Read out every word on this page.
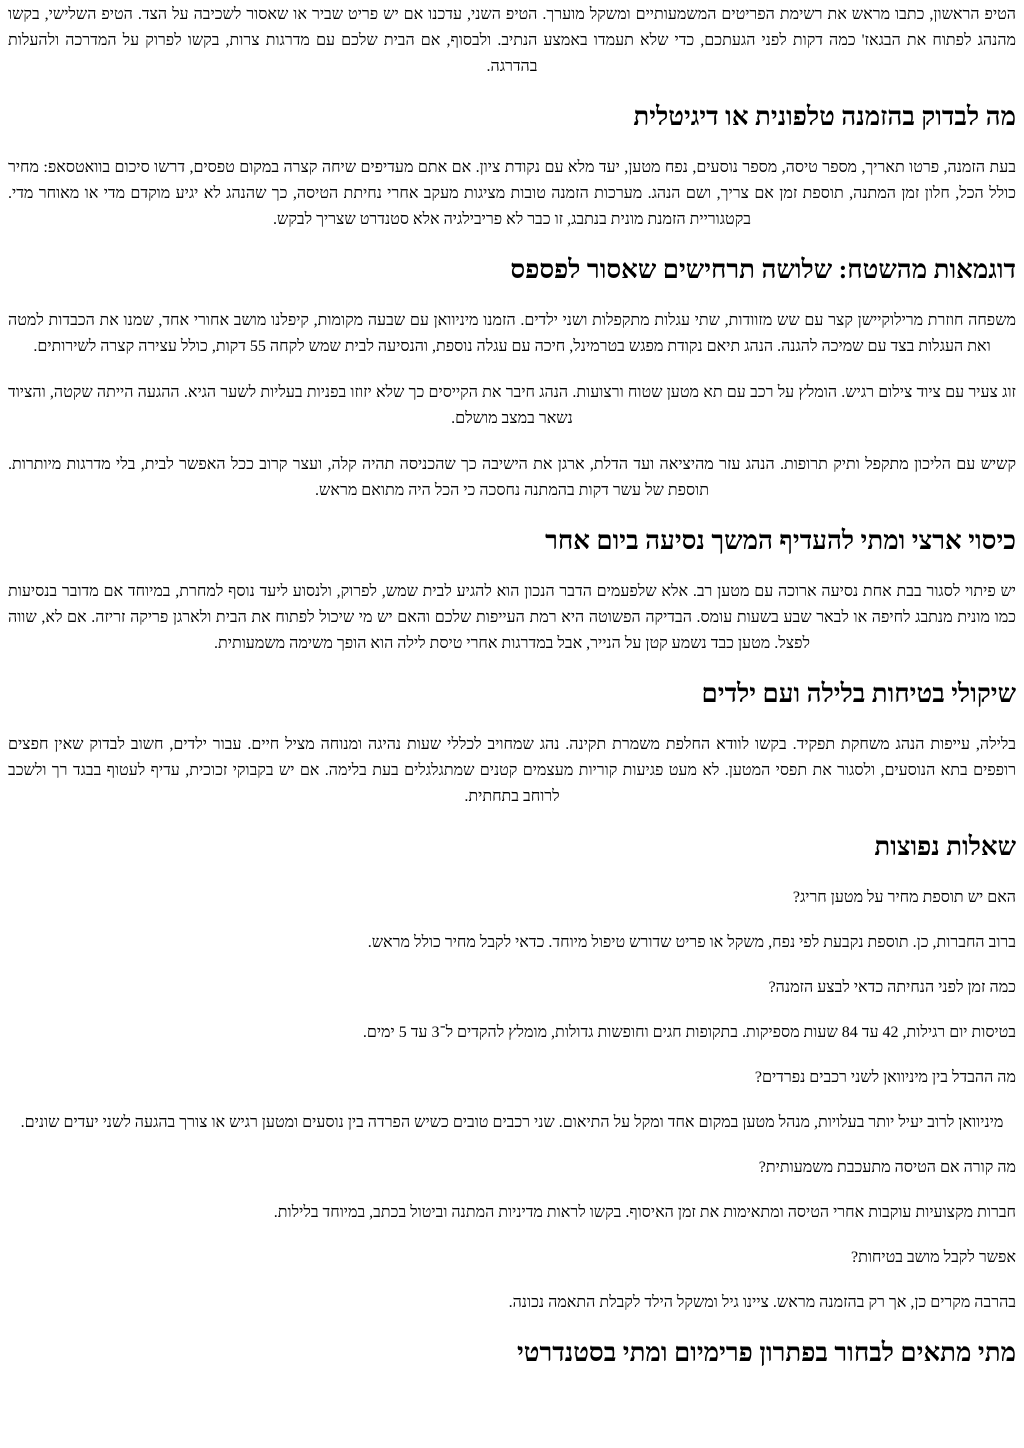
הטיפ הראשון, כתבו מראש את רשימת הפריטים המשמעותיים ומשקל מוערך. הטיפ השני, עדכנו אם יש פריט שביר או שאסור לשכיבה על הצד. הטיפ השלישי, בקשו מהנהג לפתוח את הבגאז' כמה דקות לפני הגעתכם, כדי שלא תעמדו באמצע הנתיב. ולבסוף, אם הבית שלכם עם מדרגות צרות, בקשו לפרוק על המדרכה ולהעלות בהדרגה.

מה לבדוק בהזמנה טלפונית או דיגיטלית

בעת הזמנה, פרטו תאריך, מספר טיסה, מספר נוסעים, נפח מטען, יעד מלא עם נקודת ציון. אם אתם מעדיפים שיחה קצרה במקום טפסים, דרשו סיכום בוואטסאפ: מחיר כולל הכל, חלון זמן המתנה, תוספת זמן אם צריך, ושם הנהג. מערכות הזמנה טובות מציגות מעקב אחרי נחיתת הטיסה, כך שהנהג לא יגיע מוקדם מדי או מאוחר מדי. בקטגוריית הזמנת מונית בנתבג, זו כבר לא פריבילגיה אלא סטנדרט שצריך לבקש.

דוגמאות מהשטח: שלושה תרחישים שאסור לפספס

משפחה חוזרת מרילוקיישן קצר עם שש מזוודות, שתי עגלות מתקפלות ושני ילדים. הזמנו מיניוואן עם שבעה מקומות, קיפלנו מושב אחורי אחד, שמנו את הכבדות למטה ואת העגלות בצד עם שמיכה להגנה. הנהג תיאם נקודת מפגש בטרמינל, חיכה עם עגלה נוספת, והנסיעה לבית שמש לקחה 55 דקות, כולל עצירה קצרה לשירותים.

זוג צעיר עם ציוד צילום רגיש. הומלץ על רכב עם תא מטען שטוח ורצועות. הנהג חיבר את הקייסים כך שלא יזוזו בפניות בעליות לשער הגיא. ההגעה הייתה שקטה, והציוד נשאר במצב מושלם.

קשיש עם הליכון מתקפל ותיק תרופות. הנהג עזר מהיציאה ועד הדלת, ארגן את הישיבה כך שהכניסה תהיה קלה, ועצר קרוב ככל האפשר לבית, בלי מדרגות מיותרות. תוספת של עשר דקות בהמתנה נחסכה כי הכל היה מתואם מראש.

כיסוי ארצי ומתי להעדיף המשך נסיעה ביום אחר

יש פיתוי לסגור בבת אחת נסיעה ארוכה עם מטען רב. אלא שלפעמים הדבר הנכון הוא להגיע לבית שמש, לפרוק, ולנסוע ליעד נוסף למחרת, במיוחד אם מדובר בנסיעות כמו מונית מנתבג לחיפה או לבאר שבע בשעות עומס. הבדיקה הפשוטה היא רמת העייפות שלכם והאם יש מי שיכול לפתוח את הבית ולארגן פריקה זריזה. אם לא, שווה לפצל. מטען כבד נשמע קטן על הנייר, אבל במדרגות אחרי טיסת לילה הוא הופך משימה משמעותית.

שיקולי בטיחות בלילה ועם ילדים

בלילה, עייפות הנהג משחקת תפקיד. בקשו לוודא החלפת משמרת תקינה. נהג שמחויב לכללי שעות נהיגה ומנוחה מציל חיים. עבור ילדים, חשוב לבדוק שאין חפצים רופפים בתא הנוסעים, ולסגור את תפסי המטען. לא מעט פגיעות קוריות מעצמים קטנים שמתגלגלים בעת בלימה. אם יש בקבוקי זכוכית, עדיף לעטוף בבגד רך ולשכב לרוחב בתחתית.

שאלות נפוצות

האם יש תוספת מחיר על מטען חריג?

ברוב החברות, כן. תוספת נקבעת לפי נפח, משקל או פריט שדורש טיפול מיוחד. כדאי לקבל מחיר כולל מראש.

כמה זמן לפני הנחיתה כדאי לבצע הזמנה?

בטיסות יום רגילות, 42 עד 84 שעות מספיקות. בתקופות חגים וחופשות גדולות, מומלץ להקדים ל־3 עד 5 ימים.

מה ההבדל בין מיניוואן לשני רכבים נפרדים?

מיניוואן לרוב יעיל יותר בעלויות, מנהל מטען במקום אחד ומקל על התיאום. שני רכבים טובים כשיש הפרדה בין נוסעים ומטען רגיש או צורך בהגעה לשני יעדים שונים.

מה קורה אם הטיסה מתעכבת משמעותית?

חברות מקצועיות עוקבות אחרי הטיסה ומתאימות את זמן האיסוף. בקשו לראות מדיניות המתנה וביטול בכתב, במיוחד בלילות.

אפשר לקבל מושב בטיחות?

בהרבה מקרים כן, אך רק בהזמנה מראש. ציינו גיל ומשקל הילד לקבלת התאמה נכונה.

מתי מתאים לבחור בפתרון פרימיום ומתי בסטנדרטי
